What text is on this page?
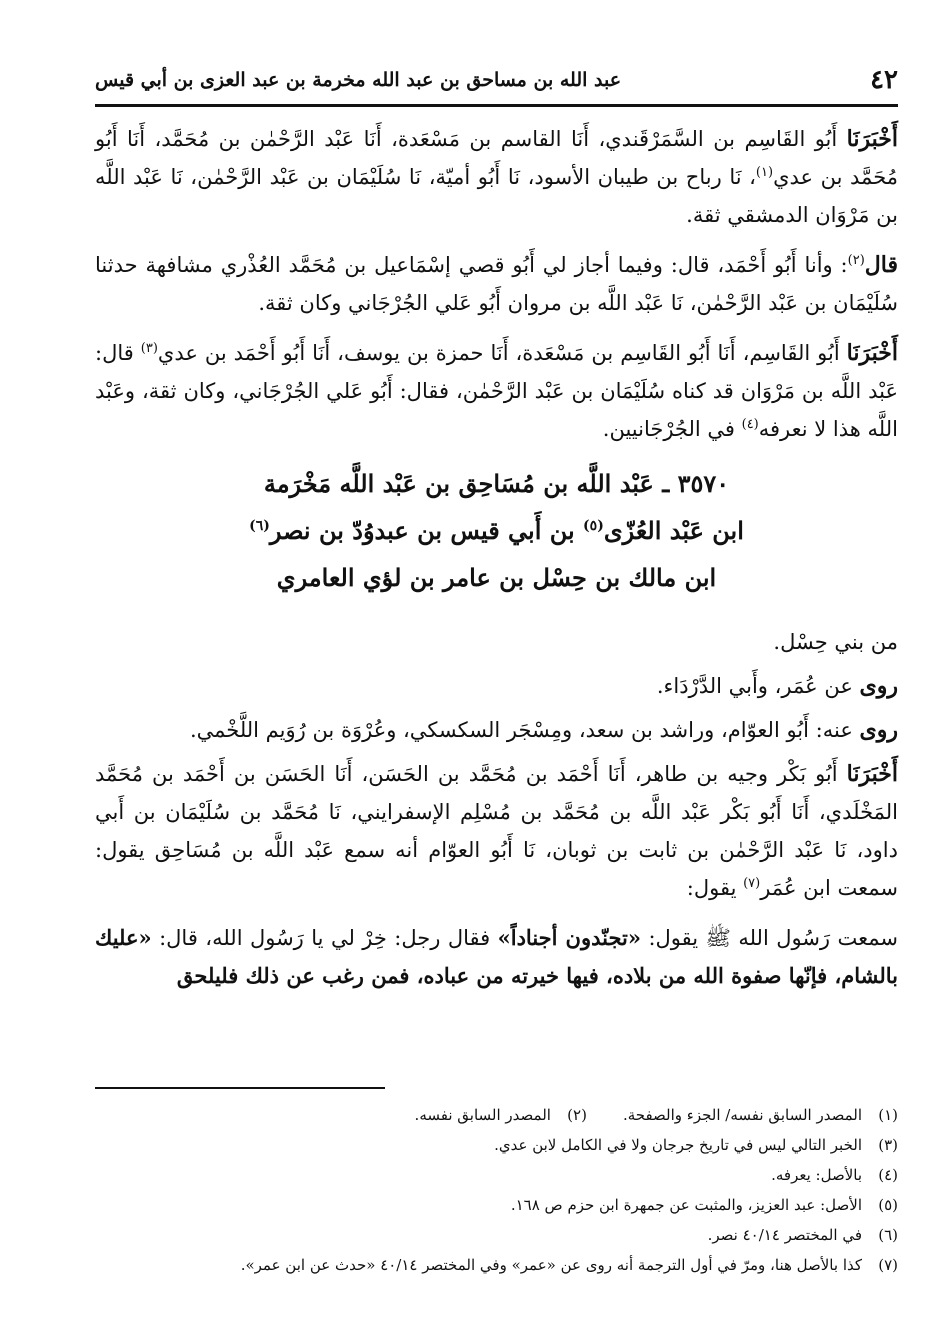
٤٢
عبد الله بن مساحق بن عبد الله مخرمة بن عبد العزى بن أبي قيس

أَخْبَرَنَا أَبُو القَاسِم بن السَّمَرْقَندي، أَنَا القاسم بن مَسْعَدة، أَنَا عَبْد الرَّحْمٰن بن مُحَمَّد، أَنَا أَبُو مُحَمَّد بن عدي$^{(١)}$، نَا رباح بن طيبان الأسود، نَا أَبُو أميّة، نَا سُلَيْمَان بن عَبْد الرَّحْمٰن، نَا عَبْد اللَّه بن مَرْوَان الدمشقي ثقة.

قال$^{(٢)}$: وأنا أَبُو أَحْمَد، قال: وفيما أجاز لي أَبُو قصي إسْمَاعيل بن مُحَمَّد العُذْري مشافهة حدثنا سُلَيْمَان بن عَبْد الرَّحْمٰن، نَا عَبْد اللَّه بن مروان أَبُو عَلي الجُرْجَاني وكان ثقة.

أَخْبَرَنَا أَبُو القَاسِم، أَنَا أَبُو القَاسِم بن مَسْعَدة، أَنَا حمزة بن يوسف، أَنَا أَبُو أَحْمَد بن عدي$^{(٣)}$ قال: عَبْد اللَّه بن مَرْوَان قد كناه سُلَيْمَان بن عَبْد الرَّحْمٰن، فقال: أَبُو عَلي الجُرْجَاني، وكان ثقة، وعَبْد اللَّه هذا لا نعرفه$^{(٤)}$ في الجُرْجَانيين.

٣٥٧٠ ـ عَبْد اللَّه بن مُسَاحِق بن عَبْد اللَّه مَخْرَمة
ابن عَبْد العُزّى$^{(٥)}$ بن أَبي قيس بن عبدوُدّ بن نصر$^{(٦)}$
ابن مالك بن حِسْل بن عامر بن لؤي العامري

من بني حِسْل.

روى عن عُمَر، وأَبي الدَّرْدَاء.

روى عنه: أَبُو العوّام، وراشد بن سعد، ومِسْجَر السكسكي، وعُرْوَة بن رُوَيم اللَّخْمي.

أَخْبَرَنَا أَبُو بَكْر وجيه بن طاهر، أَنَا أَحْمَد بن مُحَمَّد بن الحَسَن، أَنَا الحَسَن بن أَحْمَد بن مُحَمَّد المَخْلَدي، أَنَا أَبُو بَكْر عَبْد اللَّه بن مُحَمَّد بن مُسْلِم الإسفرايني، نَا مُحَمَّد بن سُلَيْمَان بن أَبي داود، نَا عَبْد الرَّحْمٰن بن ثابت بن ثوبان، نَا أَبُو العوّام أنه سمع عَبْد اللَّه بن مُسَاحِق يقول: سمعت ابن عُمَر$^{(٧)}$ يقول:

سمعت رَسُول الله ﷺ يقول: «تجنّدون أجناداً» فقال رجل: خِرْ لي يا رَسُول الله، قال: «عليك بالشام، فإنّها صفوة الله من بلاده، فيها خيرته من عباده، فمن رغب عن ذلك فليلحق

(١)
المصدر السابق نفسه/ الجزء والصفحة.
(٢)
المصدر السابق نفسه.
(٣)
الخبر التالي ليس في تاريخ جرجان ولا في الكامل لابن عدي.
(٤)
بالأصل: يعرفه.
(٥)
الأصل: عبد العزيز، والمثبت عن جمهرة ابن حزم ص ١٦٨.
(٦)
في المختصر ٤٠/١٤ نصر.
(٧)
كذا بالأصل هنا، ومرّ في أول الترجمة أنه روى عن «عمر» وفي المختصر ٤٠/١٤ «حدث عن ابن عمر».
